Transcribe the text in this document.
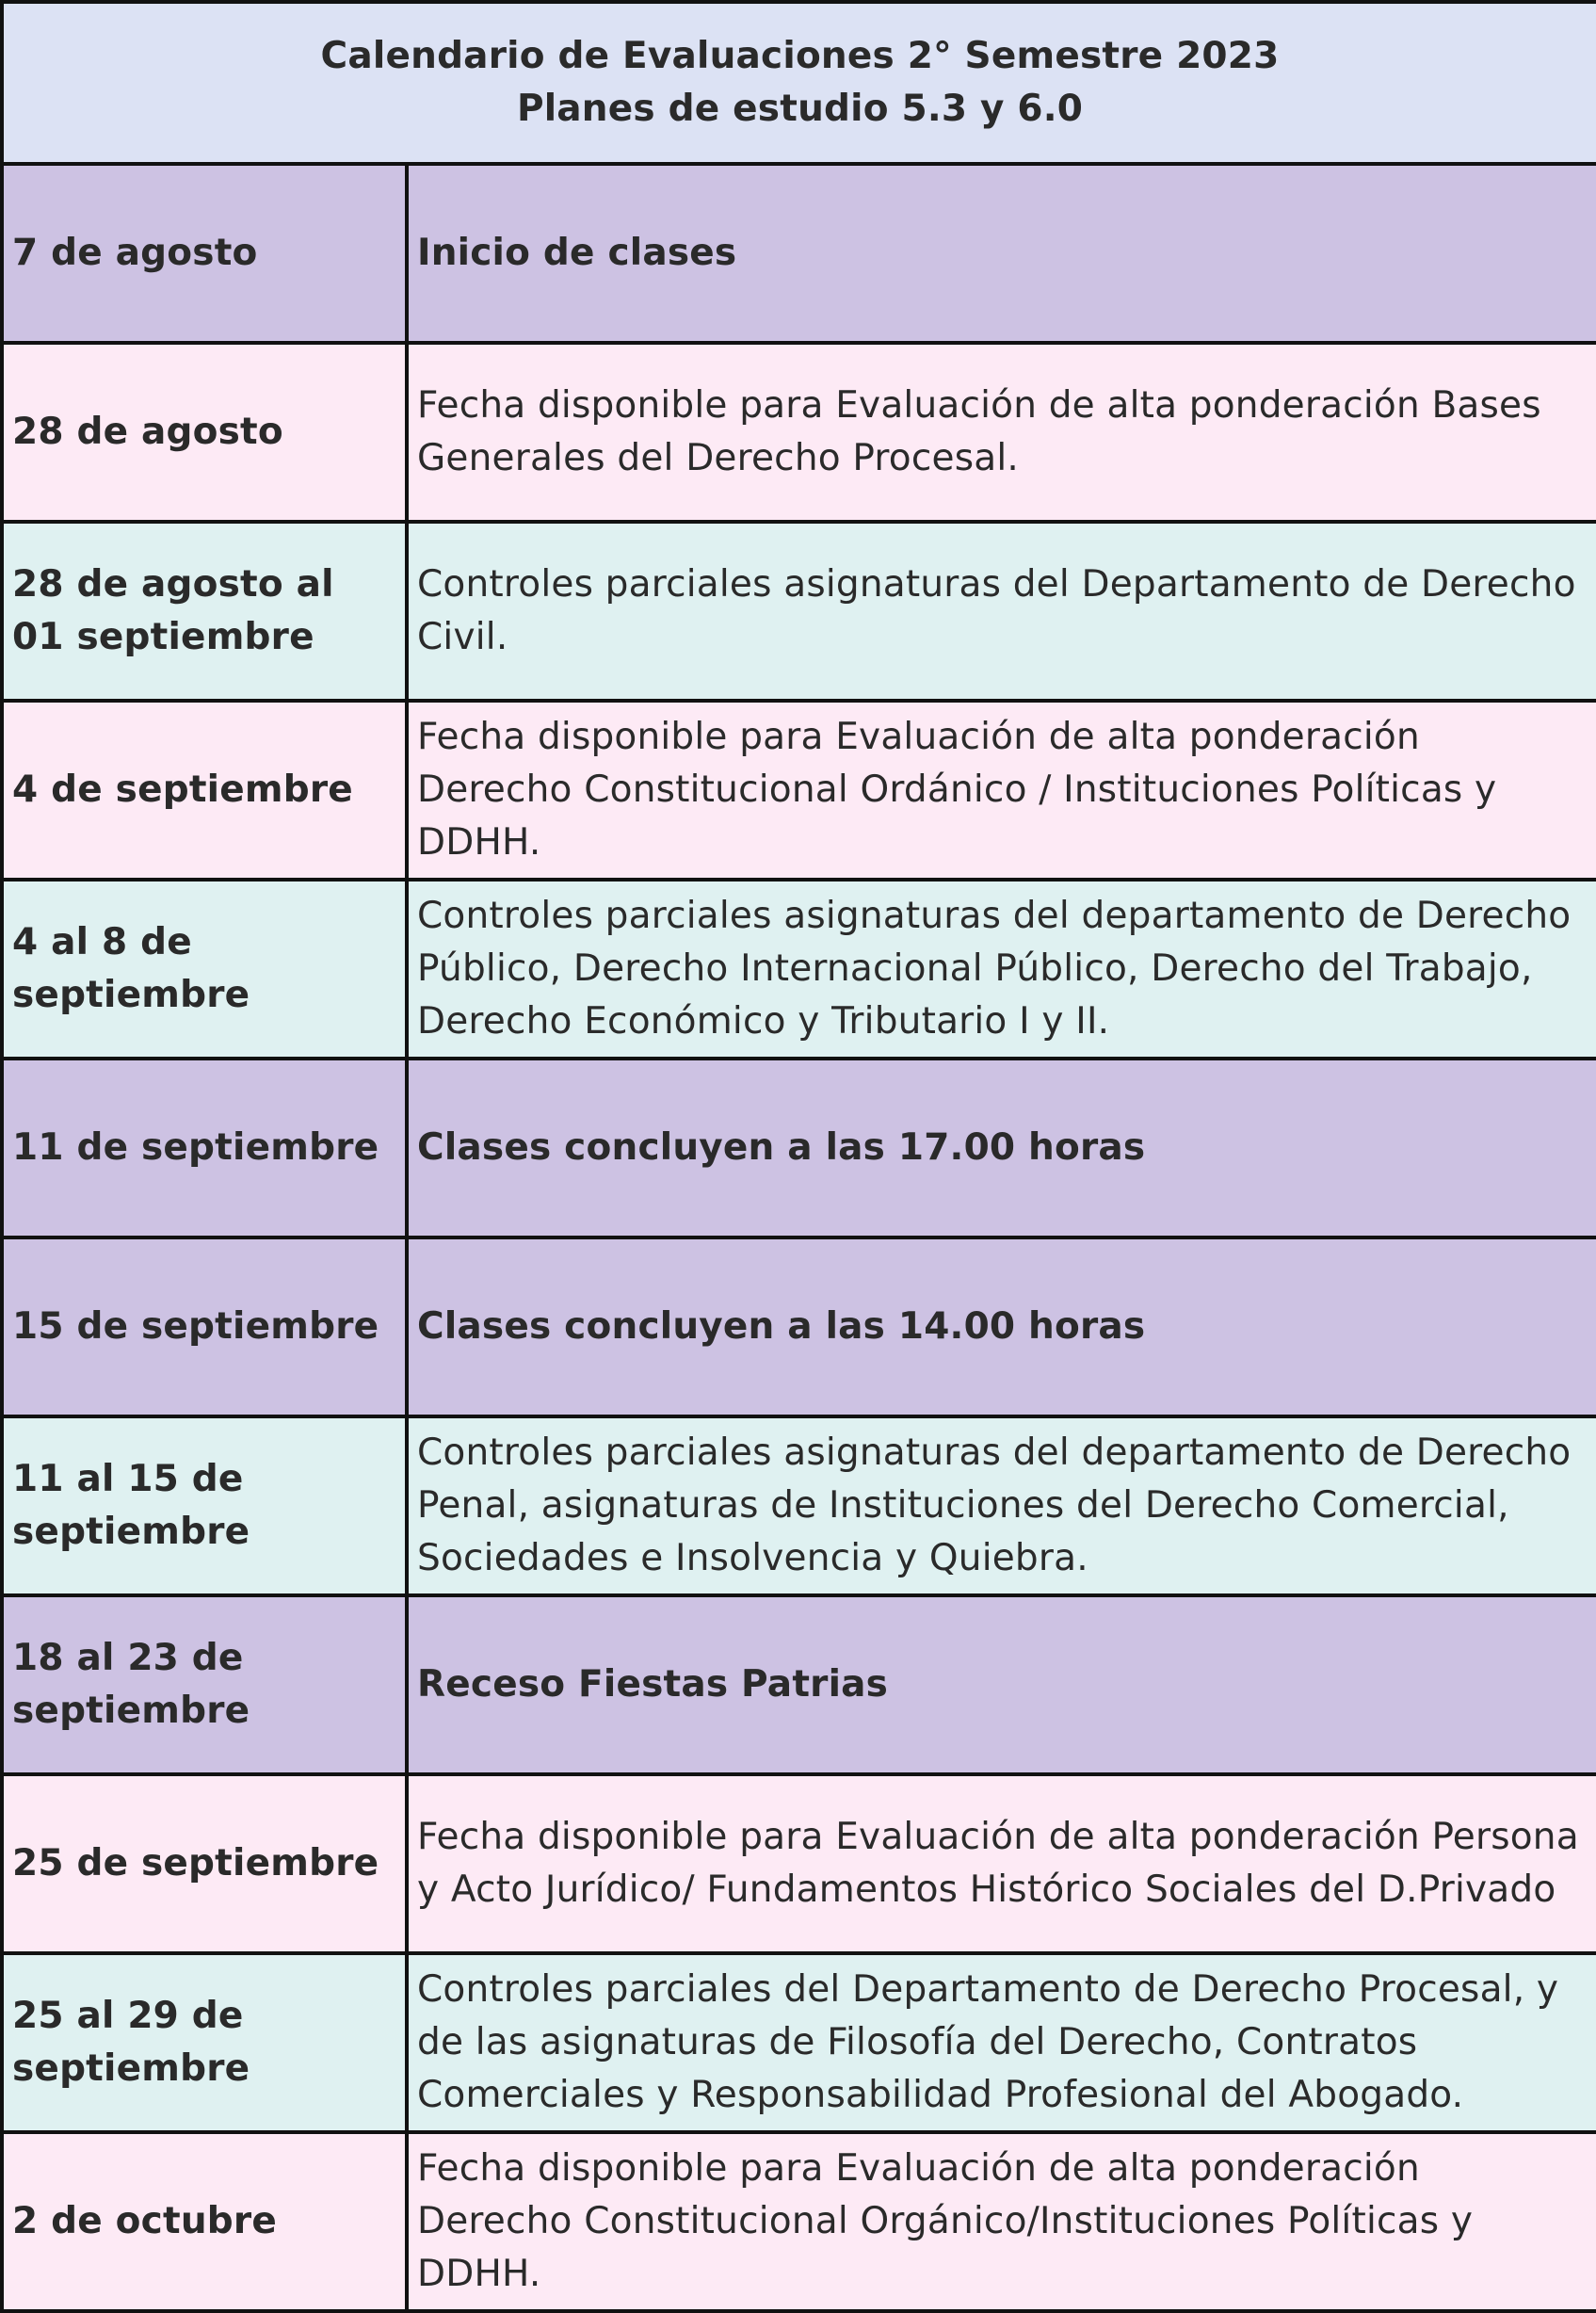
Calendario de Evaluaciones 2° Semestre 2023
Planes de estudio 5.3 y 6.0	

7 de agosto	Inicio de clases
28 de agosto	Fecha disponible para Evaluación de alta ponderación Bases Generales del Derecho Procesal.
28 de agosto al 01 septiembre	Controles parciales asignaturas del Departamento de Derecho Civil.
4 de septiembre	Fecha disponible para Evaluación de alta ponderación Derecho Constitucional Ordánico / Instituciones Políticas y DDHH.
4 al 8 de septiembre	Controles parciales asignaturas del departamento de Derecho Público, Derecho Internacional Público, Derecho del Trabajo, Derecho Económico y Tributario I y II.
11 de septiembre	Clases concluyen a las 17.00 horas
15 de septiembre	Clases concluyen a las 14.00 horas
11 al 15 de septiembre	Controles parciales asignaturas del departamento de Derecho Penal, asignaturas de Instituciones del Derecho Comercial, Sociedades e Insolvencia y Quiebra.
18 al 23 de septiembre	Receso Fiestas Patrias
25 de septiembre	Fecha disponible para Evaluación de alta ponderación Persona y Acto Jurídico/ Fundamentos Histórico Sociales del D.Privado
25 al 29 de septiembre	Controles parciales del Departamento de Derecho Procesal, y de las asignaturas de Filosofía del Derecho, Contratos Comerciales y Responsabilidad Profesional del Abogado.
2 de octubre	Fecha disponible para Evaluación de alta ponderación Derecho Constitucional Orgánico/Instituciones Políticas y DDHH.
